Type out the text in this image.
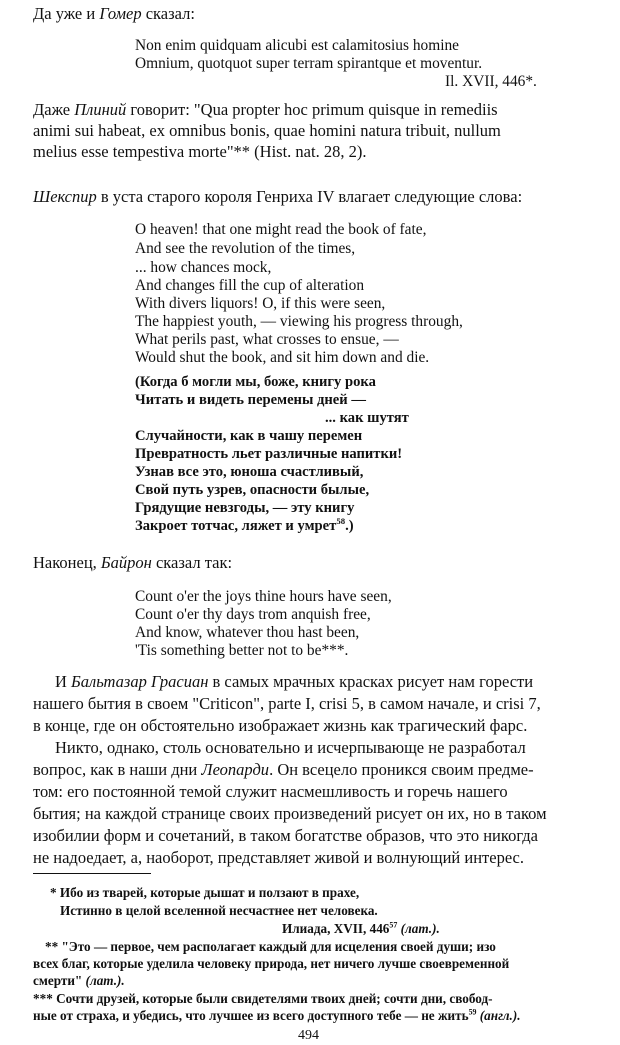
Да уже и Гомер сказал:
Non enim quidquam alicubi est calamitosius homine
Omnium, quotquot super terram spirantque et moventur.
Il. XVII, 446*.
Даже Плиний говорит: "Qua propter hoc primum quisque in remediis
animi sui habeat, ex omnibus bonis, quae homini natura tribuit, nullum
melius esse tempestiva morte"** (Hist. nat. 28, 2).
Шекспир в уста старого короля Генриха IV влагает следующие слова:
O heaven! that one might read the book of fate,
And see the revolution of the times,
... how chances mock,
And changes fill the cup of alteration
With divers liquors! O, if this were seen,
The happiest youth, — viewing his progress through,
What perils past, what crosses to ensue, —
Would shut the book, and sit him down and die.
(Когда б могли мы, боже, книгу рока
Читать и видеть перемены дней —
... как шутят
Случайности, как в чашу перемен
Превратность льет различные напитки!
Узнав все это, юноша счастливый,
Свой путь узрев, опасности былые,
Грядущие невзгоды, — эту книгу
Закроет тотчас, ляжет и умрет$^{58}$.)
Наконец, Байрон сказал так:
Count o'er the joys thine hours have seen,
Count o'er thy days trom anquish free,
And know, whatever thou hast been,
'Tis something better not to be***.
И Бальтазар Грасиан в самых мрачных красках рисует нам горести
нашего бытия в своем "Criticon", parte I, crisi 5, в самом начале, и crisi 7,
в конце, где он обстоятельно изображает жизнь как трагический фарс.
Никто, однако, столь основательно и исчерпывающе не разработал
вопрос, как в наши дни Леопарди. Он всецело проникся своим предме-
том: его постоянной темой служит насмешливость и горечь нашего
бытия; на каждой странице своих произведений рисует он их, но в таком
изобилии форм и сочетаний, в таком богатстве образов, что это никогда
не надоедает, а, наоборот, представляет живой и волнующий интерес.
* Ибо из тварей, которые дышат и ползают в прахе,
Истинно в целой вселенной несчастнее нет человека.
Илиада, XVII, $446^{57}$ (лат.).
** "Это — первое, чем располагает каждый для исцеления своей души; изо
всех благ, которые уделила человеку природа, нет ничего лучше своевременной
смерти" (лат.).
*** Сочти друзей, которые были свидетелями твоих дней; сочти дни, свобод-
ные от страха, и убедись, что лучшее из всего доступного тебе — не жить$^{59}$ (англ.).
494
